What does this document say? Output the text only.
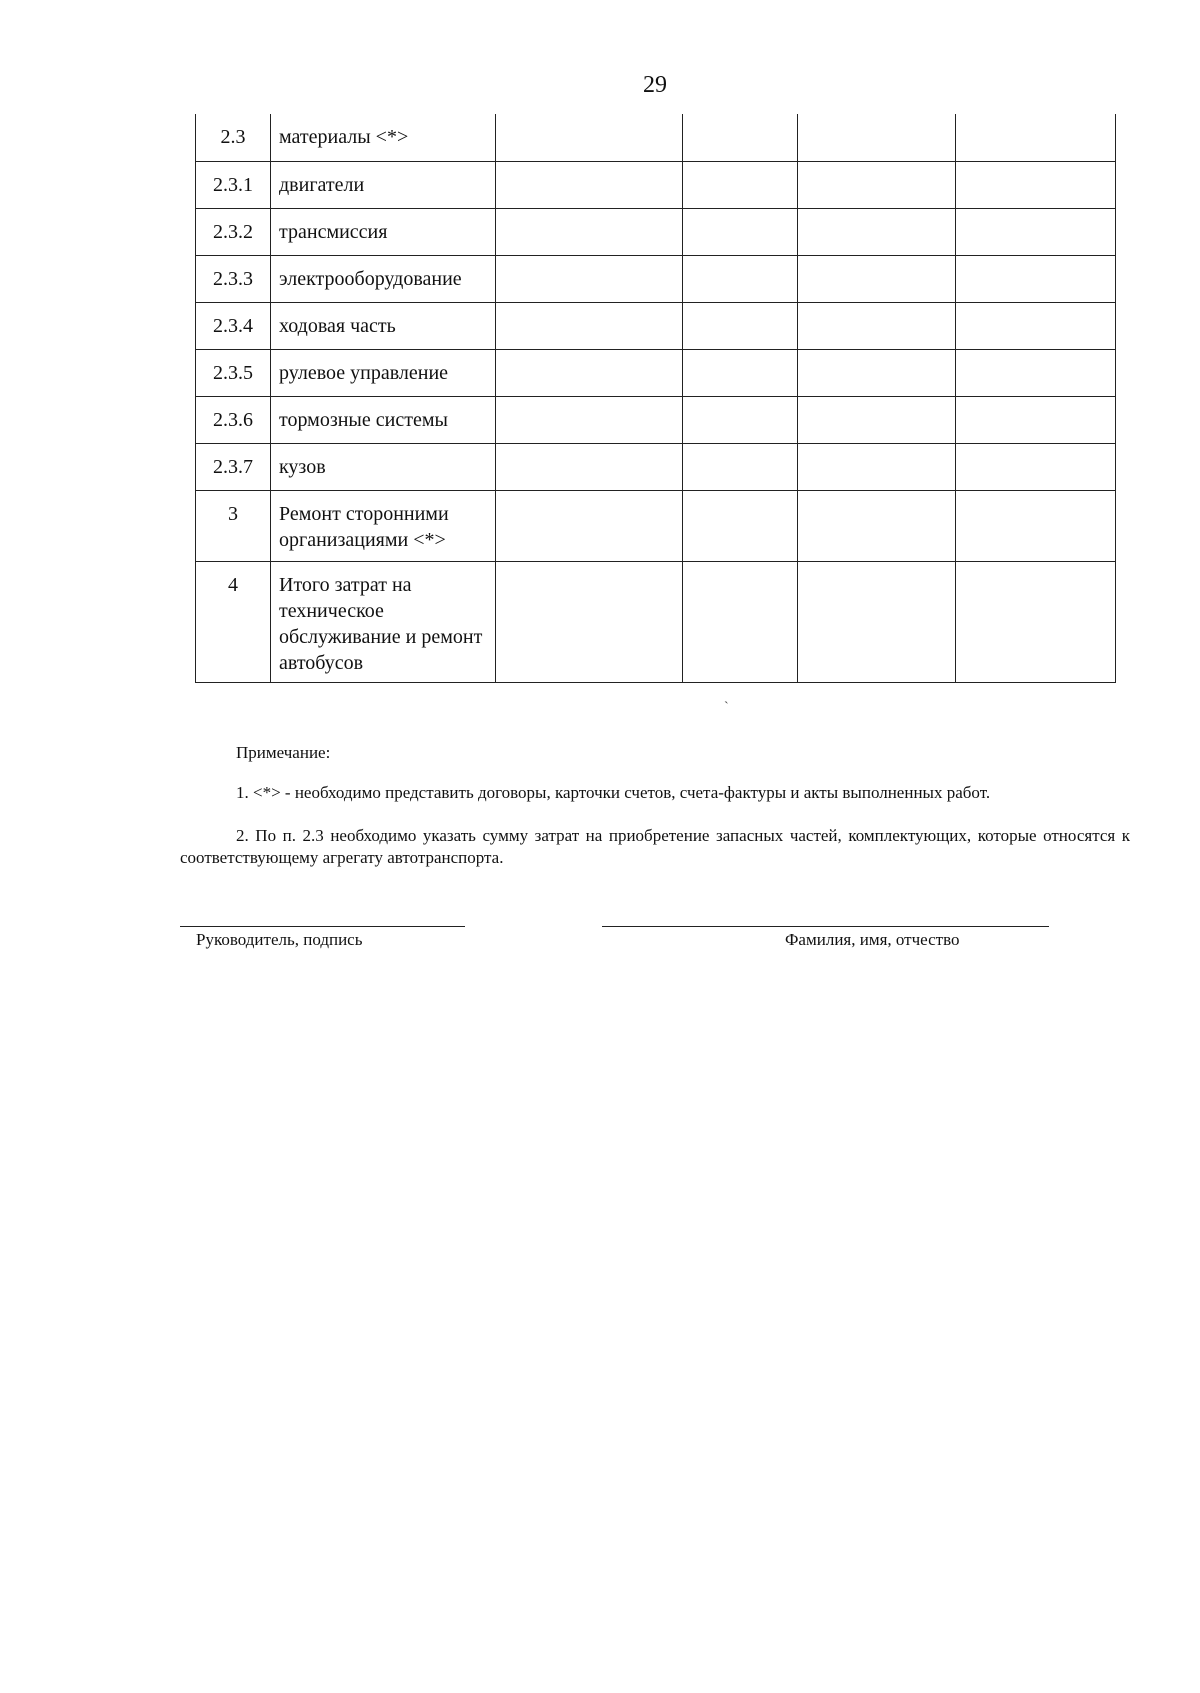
29
2.3	материалы <*>				
2.3.1	двигатели				
2.3.2	трансмиссия				
2.3.3	электрооборудование				
2.3.4	ходовая часть				
2.3.5	рулевое управление				
2.3.6	тормозные системы				
2.3.7	кузов				
3	Ремонт сторонними организациями <*>				
4	Итого затрат на техническое обслуживание и ремонт автобусов				
ˋ
Примечание:

1. <*> - необходимо представить договоры, карточки счетов, счета-фактуры и акты выполненных работ.

2. По п. 2.3 необходимо указать сумму затрат на приобретение запасных частей, комплектующих, которые относятся к соответствующему агрегату автотранспорта.

Руководитель, подпись	Фамилия, имя, отчество
